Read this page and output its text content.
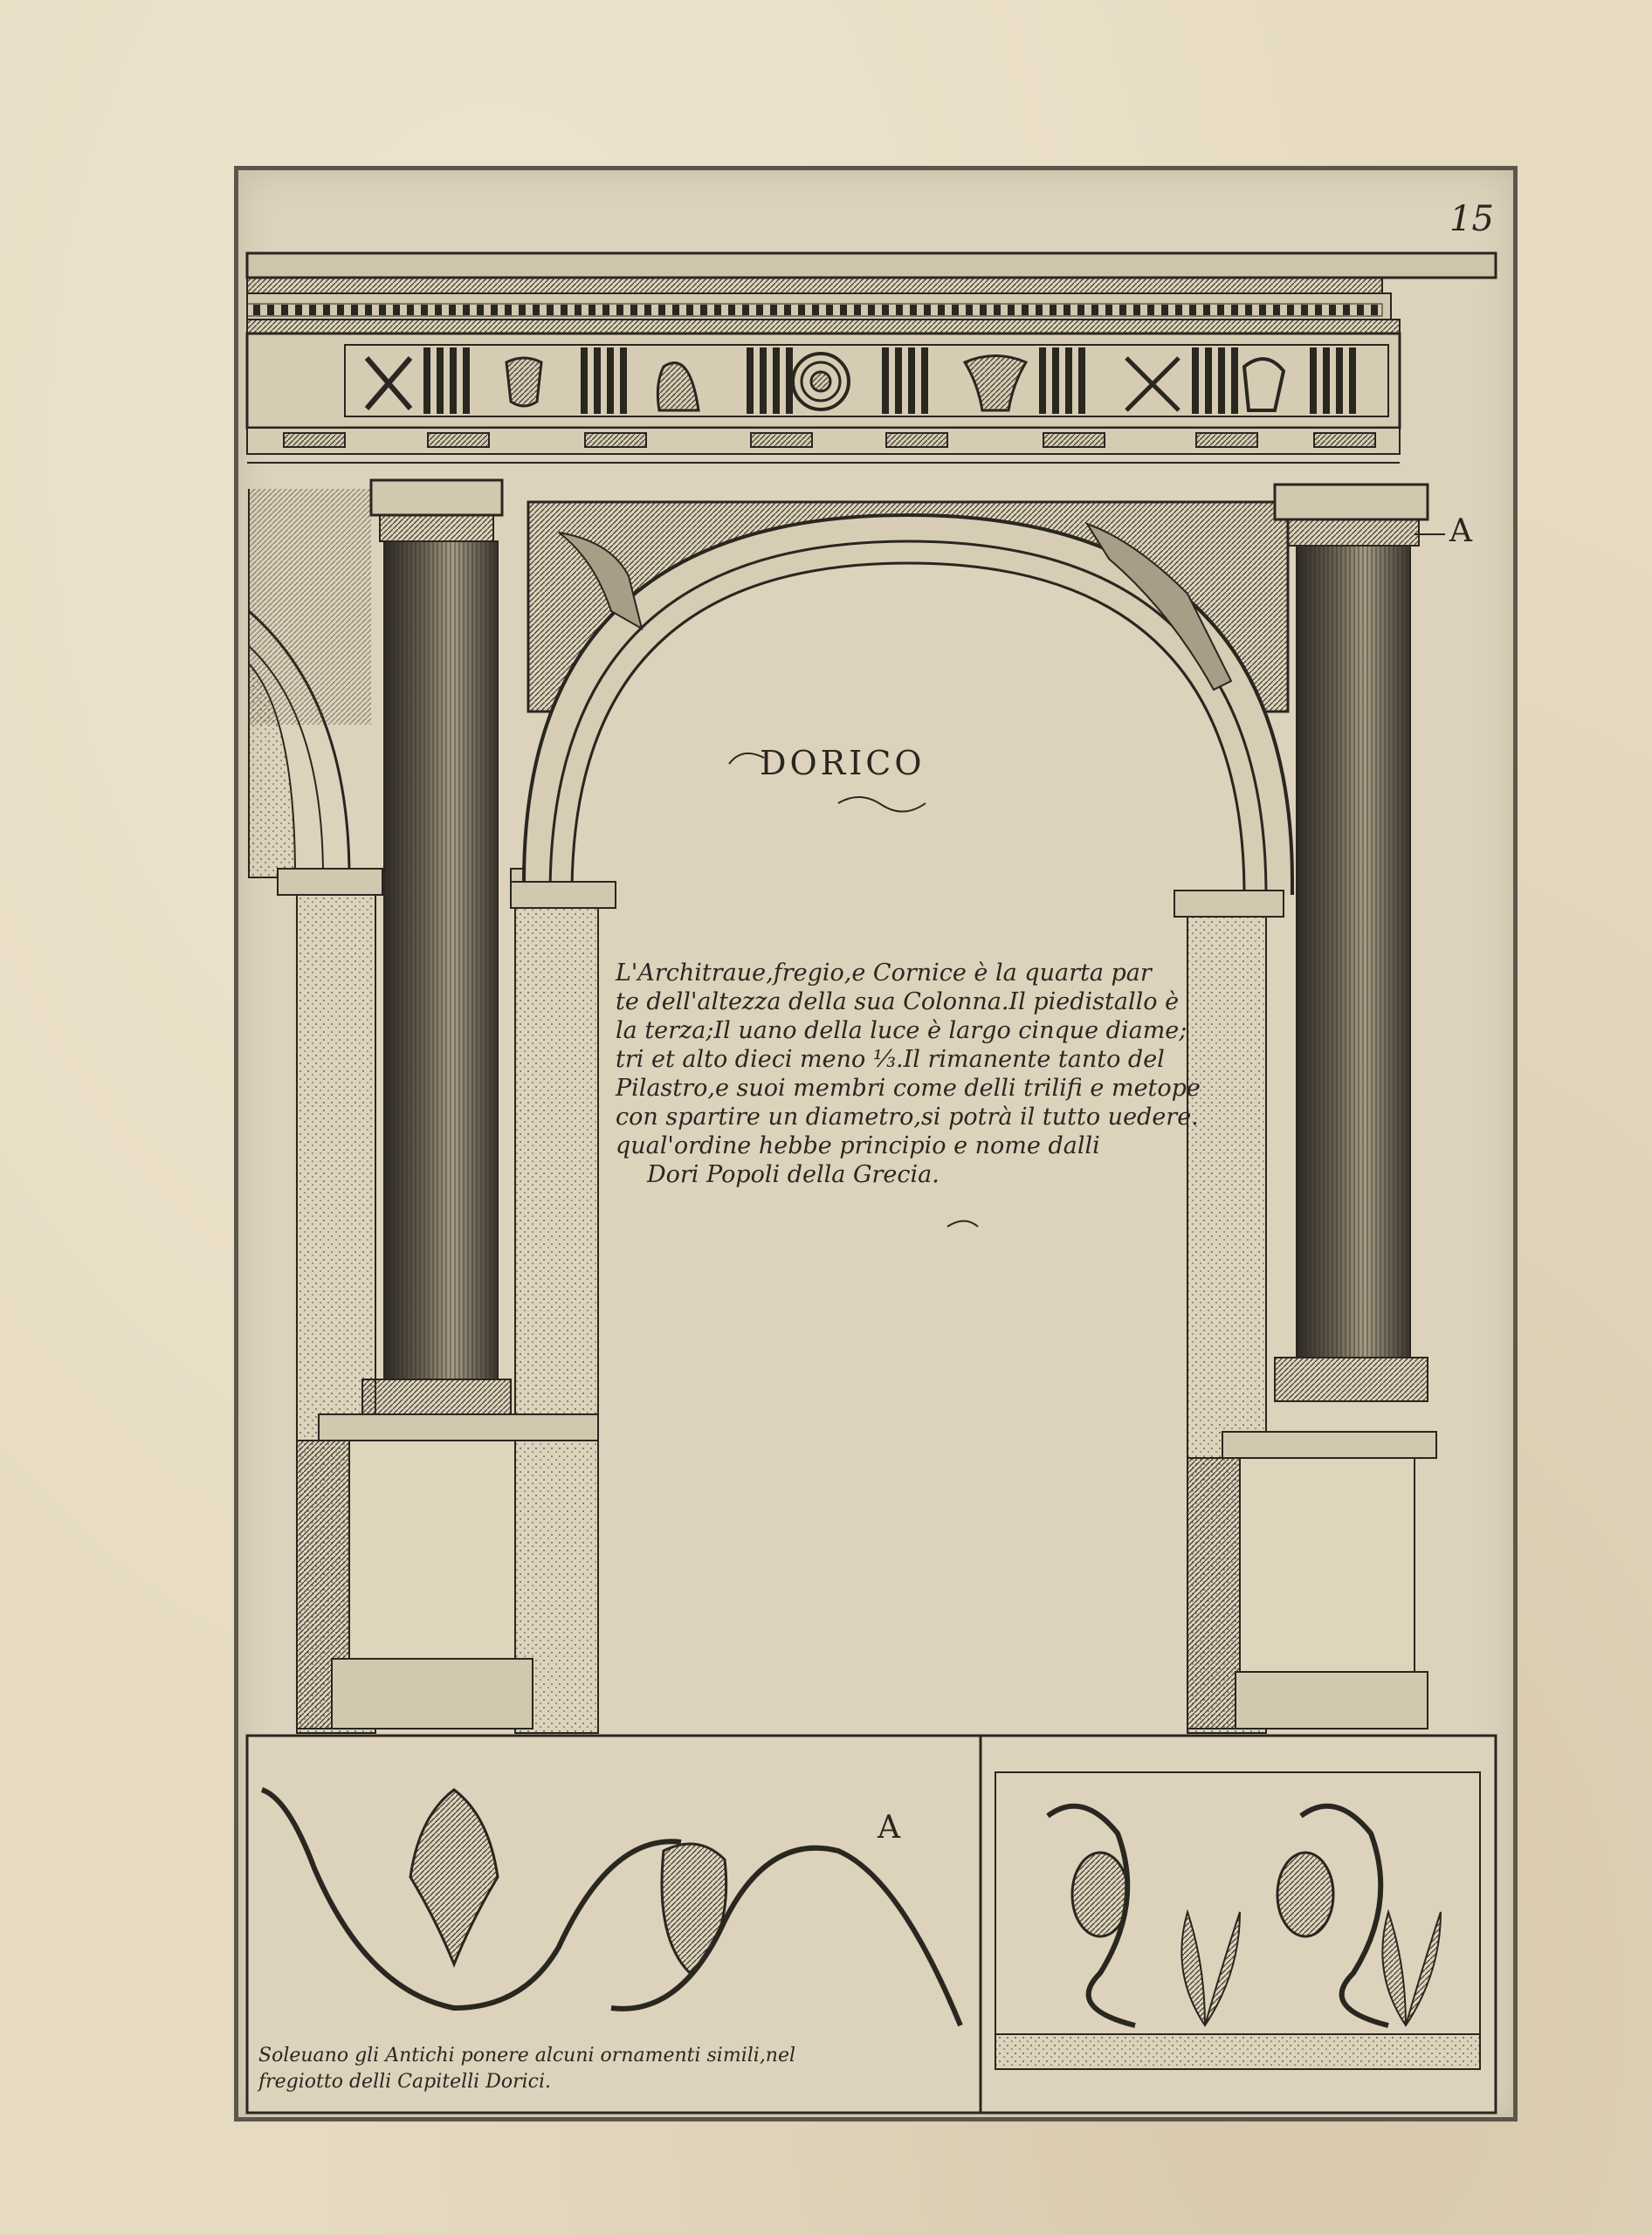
15
A
A
DORICO
L'Architraue,fregio,e Cornice è la quarta par
te dell'altezza della sua Colonna.Il piedistallo è
la terza;Il uano della luce è largo cinque diame;
tri et alto dieci meno ⅓.Il rimanente tanto del
Pilastro,e suoi membri come delli trilifi e metope
con spartire un diametro,si potrà il tutto uedere.
qual'ordine hebbe principio e nome dalli
Dori Popoli della Grecia.
Soleuano gli Antichi ponere alcuni ornamenti simili,nel
fregiotto delli Capitelli Dorici.
